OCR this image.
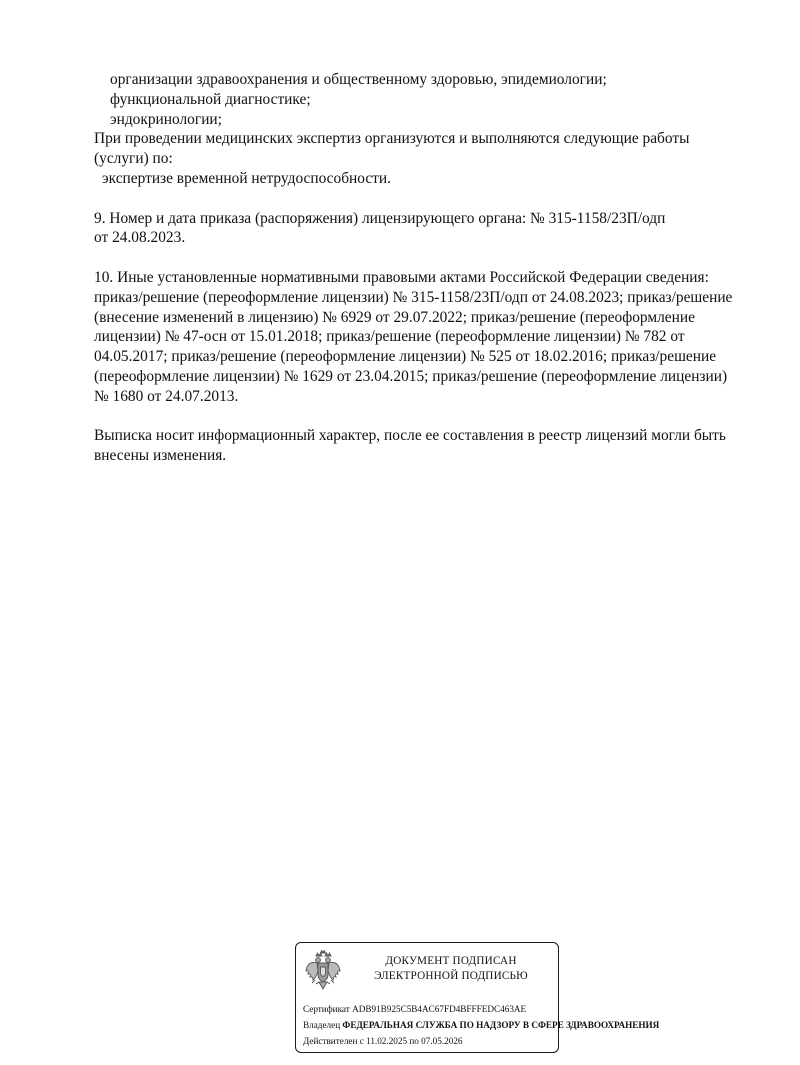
организации здравоохранения и общественному здоровью, эпидемиологии;
функциональной диагностике;
эндокринологии;
При проведении медицинских экспертиз организуются и выполняются следующие работы
(услуги) по:
экспертизе временной нетрудоспособности.
9. Номер и дата приказа (распоряжения) лицензирующего органа: № 315-1158/23П/одп
от 24.08.2023.
10. Иные установленные нормативными правовыми актами Российской Федерации сведения:
приказ/решение (переоформление лицензии) № 315-1158/23П/одп от 24.08.2023; приказ/решение
(внесение изменений в лицензию) № 6929 от 29.07.2022; приказ/решение (переоформление
лицензии) № 47-осн от 15.01.2018; приказ/решение (переоформление лицензии) № 782 от
04.05.2017; приказ/решение (переоформление лицензии) № 525 от 18.02.2016; приказ/решение
(переоформление лицензии) № 1629 от 23.04.2015; приказ/решение (переоформление лицензии)
№ 1680 от 24.07.2013.
Выписка носит информационный характер, после ее составления в реестр лицензий могли быть
внесены изменения.
ДОКУМЕНТ ПОДПИСАН
ЭЛЕКТРОННОЙ ПОДПИСЬЮ
Сертификат ADB91B925C5B4AC67FD4BFFFEDC463AE
Владелец ФЕДЕРАЛЬНАЯ СЛУЖБА ПО НАДЗОРУ В СФЕРЕ ЗДРАВООХРАНЕНИЯ
Действителен с 11.02.2025 по 07.05.2026
